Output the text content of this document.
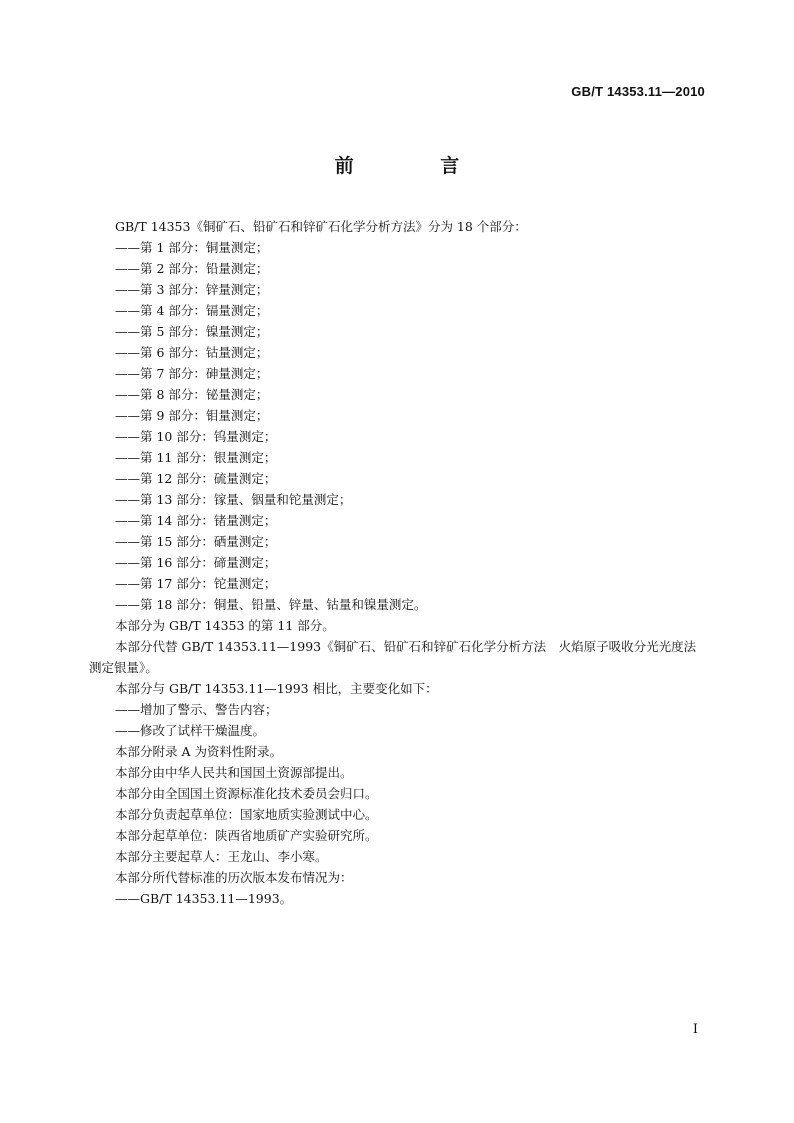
GB/T 14353.11—2010
前 言

GB/T 14353《铜矿石、铅矿石和锌矿石化学分析方法》分为 18 个部分：

——第 1 部分：铜量测定；

——第 2 部分：铅量测定；

——第 3 部分：锌量测定；

——第 4 部分：镉量测定；

——第 5 部分：镍量测定；

——第 6 部分：钴量测定；

——第 7 部分：砷量测定；

——第 8 部分：铋量测定；

——第 9 部分：钼量测定；

——第 10 部分：钨量测定；

——第 11 部分：银量测定；

——第 12 部分：硫量测定；

——第 13 部分：镓量、铟量和铊量测定；

——第 14 部分：锗量测定；

——第 15 部分：硒量测定；

——第 16 部分：碲量测定；

——第 17 部分：铊量测定；

——第 18 部分：铜量、铅量、锌量、钴量和镍量测定。

本部分为 GB/T 14353 的第 11 部分。

本部分代替 GB/T 14353.11—1993《铜矿石、铅矿石和锌矿石化学分析方法　火焰原子吸收分光光度法测定银量》。

本部分与 GB/T 14353.11—1993 相比，主要变化如下：

——增加了警示、警告内容；

——修改了试样干燥温度。

本部分附录 A 为资料性附录。

本部分由中华人民共和国国土资源部提出。

本部分由全国国土资源标准化技术委员会归口。

本部分负责起草单位：国家地质实验测试中心。

本部分起草单位：陕西省地质矿产实验研究所。

本部分主要起草人：王龙山、李小寒。

本部分所代替标准的历次版本发布情况为：

——GB/T 14353.11—1993。

I
